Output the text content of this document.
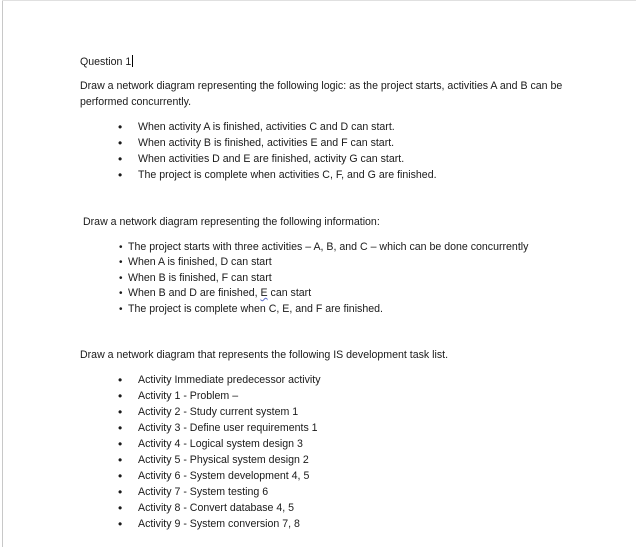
Question 1
Draw a network diagram representing the following logic: as the project starts, activities A and B can be performed concurrently.
• When activity A is finished, activities C and D can start.
• When activity B is finished, activities E and F can start.
• When activities D and E are finished, activity G can start.
• The project is complete when activities C, F, and G are finished.
Draw a network diagram representing the following information:
• The project starts with three activities – A, B, and C – which can be done concurrently
• When A is finished, D can start
• When B is finished, F can start
• When B and D are finished, E can start
• The project is complete when C, E, and F are finished.
Draw a network diagram that represents the following IS development task list.
• Activity Immediate predecessor activity
• Activity 1 - Problem –
• Activity 2 - Study current system 1
• Activity 3 - Define user requirements 1
• Activity 4 - Logical system design 3
• Activity 5 - Physical system design 2
• Activity 6 - System development 4, 5
• Activity 7 - System testing 6
• Activity 8 - Convert database 4, 5
• Activity 9 - System conversion 7, 8
